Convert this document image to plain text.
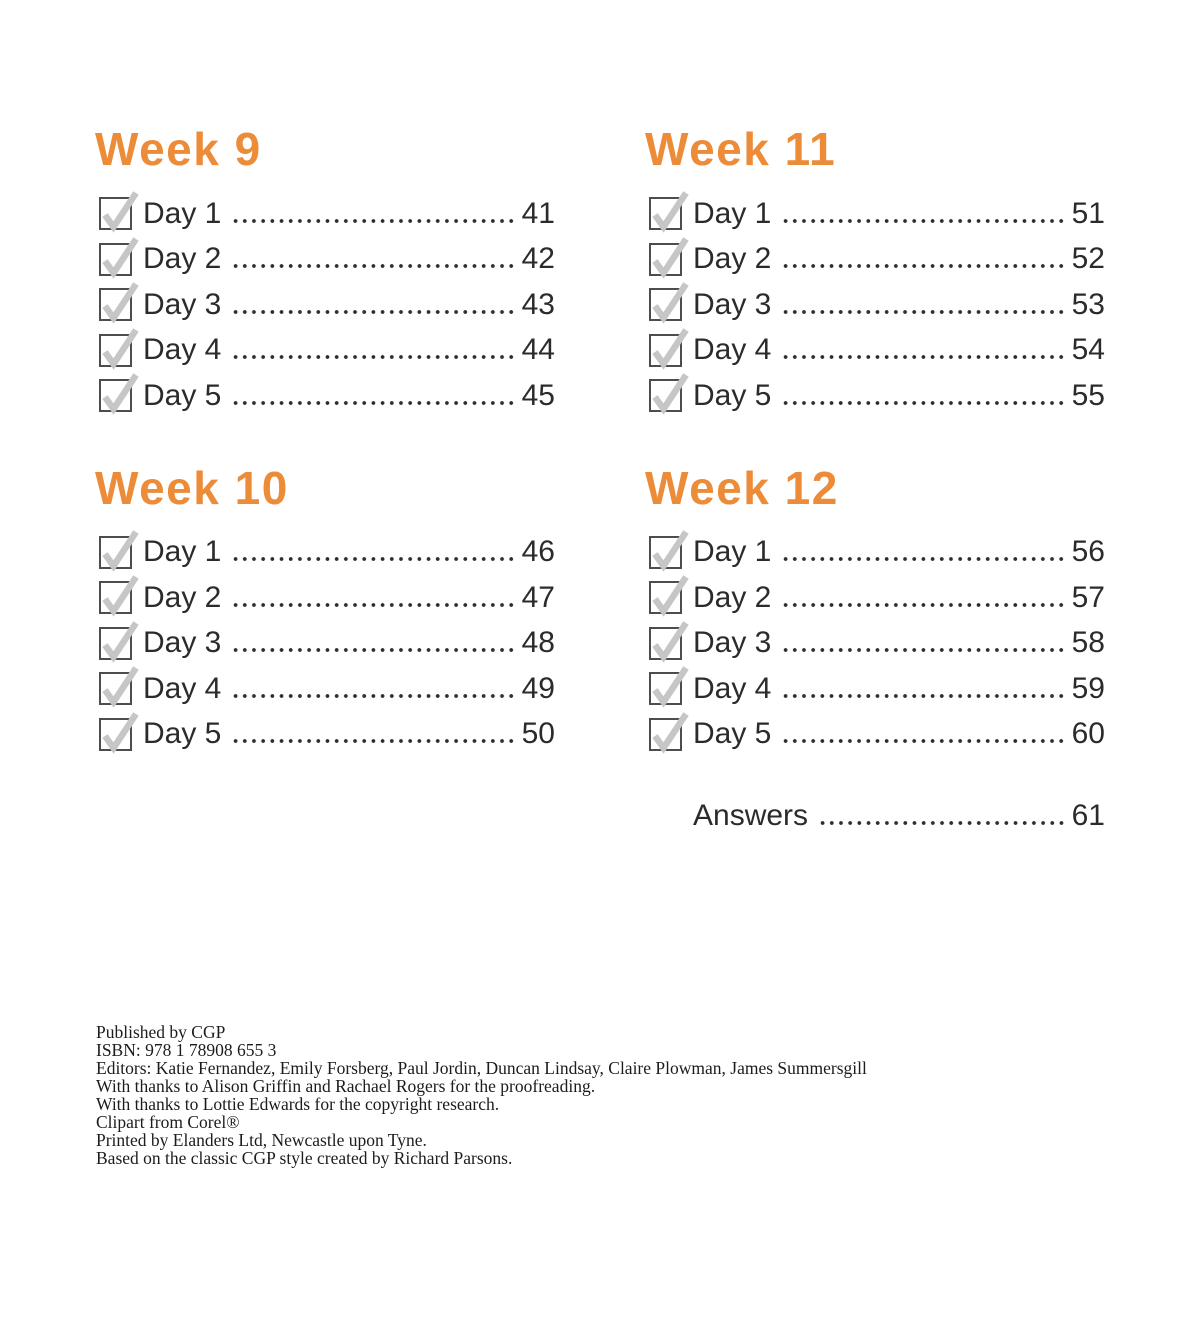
Week 9
Day 1	41
Day 2	42
Day 3	43
Day 4	44
Day 5	45
Week 11
Day 1	51
Day 2	52
Day 3	53
Day 4	54
Day 5	55
Week 10
Day 1	46
Day 2	47
Day 3	48
Day 4	49
Day 5	50
Week 12
Day 1	56
Day 2	57
Day 3	58
Day 4	59
Day 5	60
Answers	61

Published by CGP

ISBN: 978 1 78908 655 3

Editors: Katie Fernandez, Emily Forsberg, Paul Jordin, Duncan Lindsay, Claire Plowman, James Summersgill

With thanks to Alison Griffin and Rachael Rogers for the proofreading.

With thanks to Lottie Edwards for the copyright research.

Clipart from Corel®

Printed by Elanders Ltd, Newcastle upon Tyne.

Based on the classic CGP style created by Richard Parsons.
